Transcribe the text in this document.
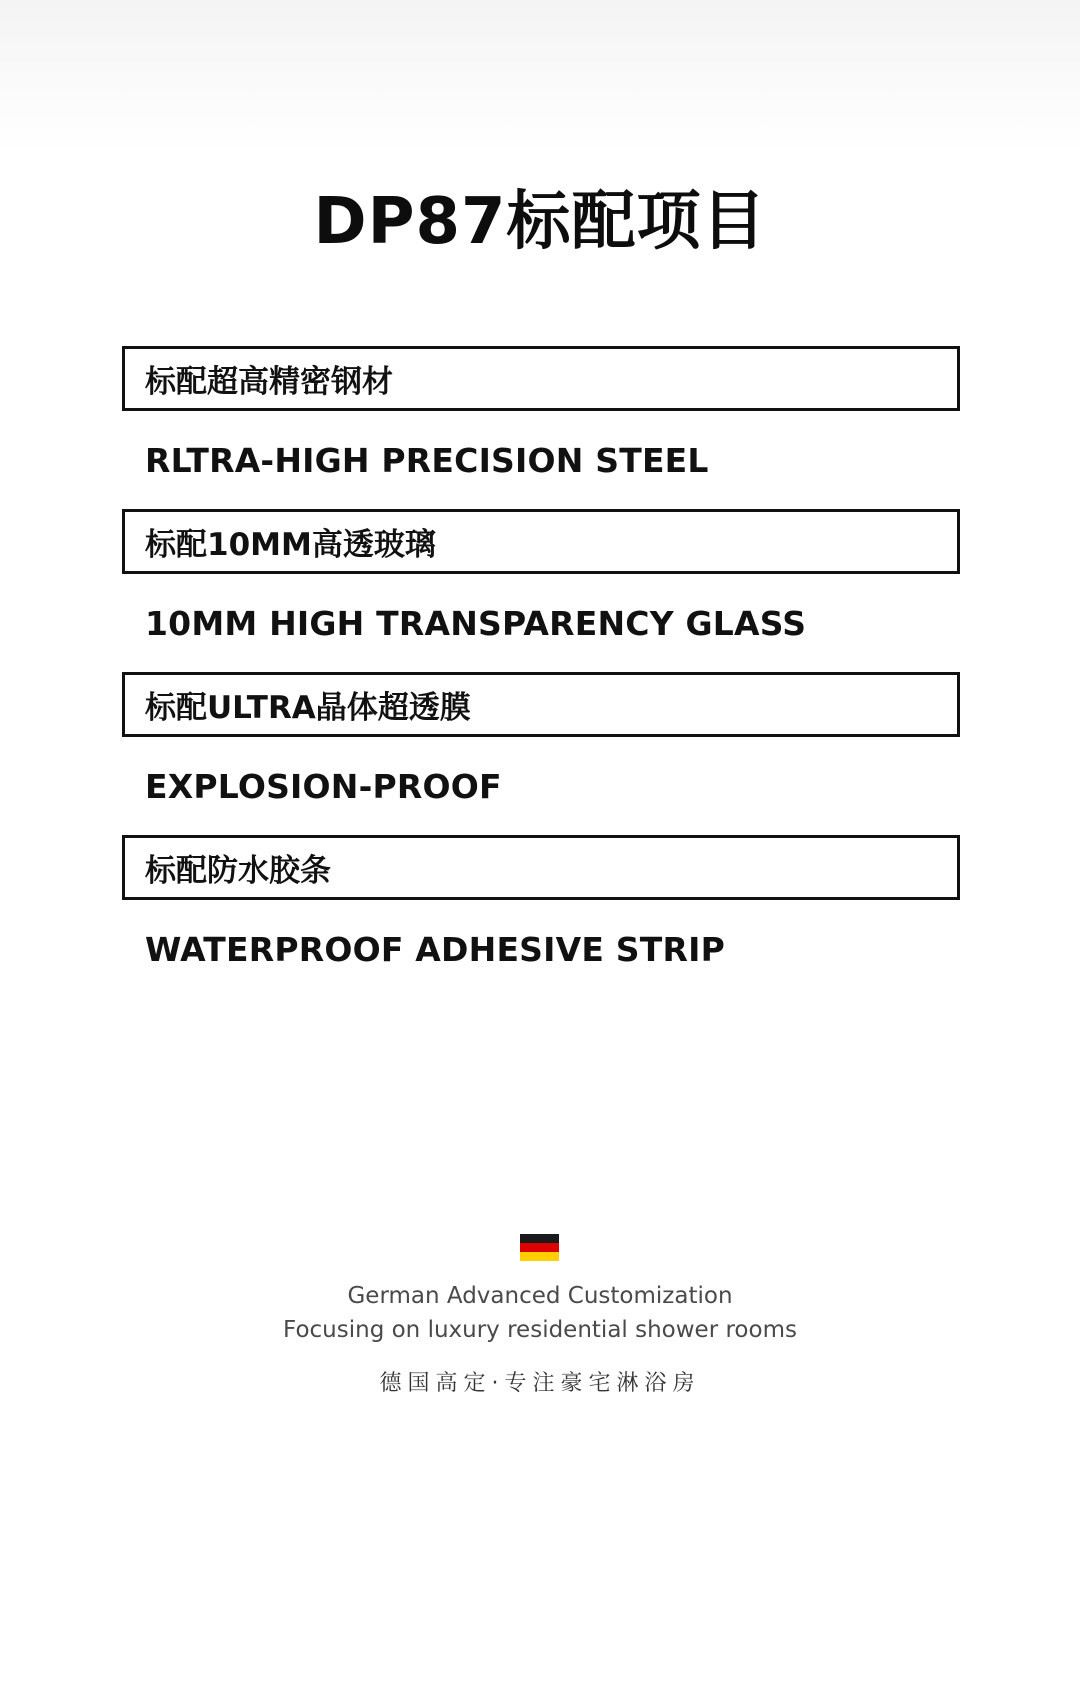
DP87标配项目
标配超高精密钢材
RLTRA-HIGH PRECISION STEEL
标配10MM高透玻璃
10MM HIGH TRANSPARENCY GLASS
标配ULTRA晶体超透膜
EXPLOSION-PROOF
标配防水胶条
WATERPROOF ADHESIVE STRIP
German Advanced Customization
Focusing on luxury residential shower rooms
德国高定·专注豪宅淋浴房
